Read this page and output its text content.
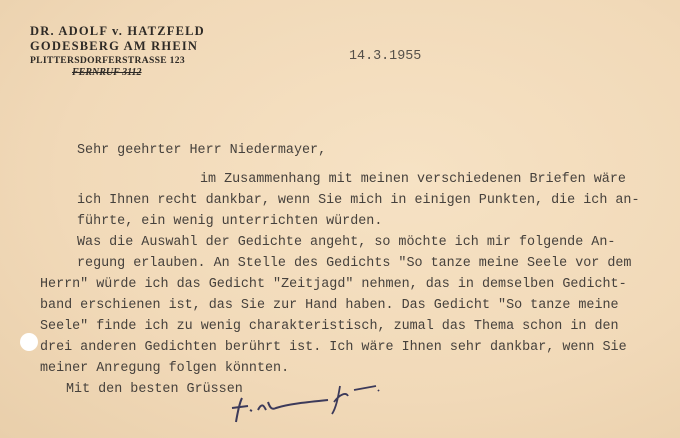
DR. ADOLF v. HATZFELD
GODESBERG AM RHEIN
PLITTERSDORFERSTRASSE 123
FERNRUF 3112
14.3.1955
Sehr geehrter Herr Niedermayer,
im Zusammenhang mit meinen verschiedenen Briefen wäre
ich Ihnen recht dankbar, wenn Sie mich in einigen Punkten, die ich an-
führte, ein wenig unterrichten würden.
Was die Auswahl der Gedichte angeht, so möchte ich mir folgende An-
regung erlauben. An Stelle des Gedichts "So tanze meine Seele vor dem
Herrn" würde ich das Gedicht "Zeitjagd" nehmen, das in demselben Gedicht-
band erschienen ist, das Sie zur Hand haben. Das Gedicht "So tanze meine
Seele" finde ich zu wenig charakteristisch, zumal das Thema schon in den
drei anderen Gedichten berührt ist. Ich wäre Ihnen sehr dankbar, wenn Sie
meiner Anregung folgen könnten.
Mit den besten Grüssen
